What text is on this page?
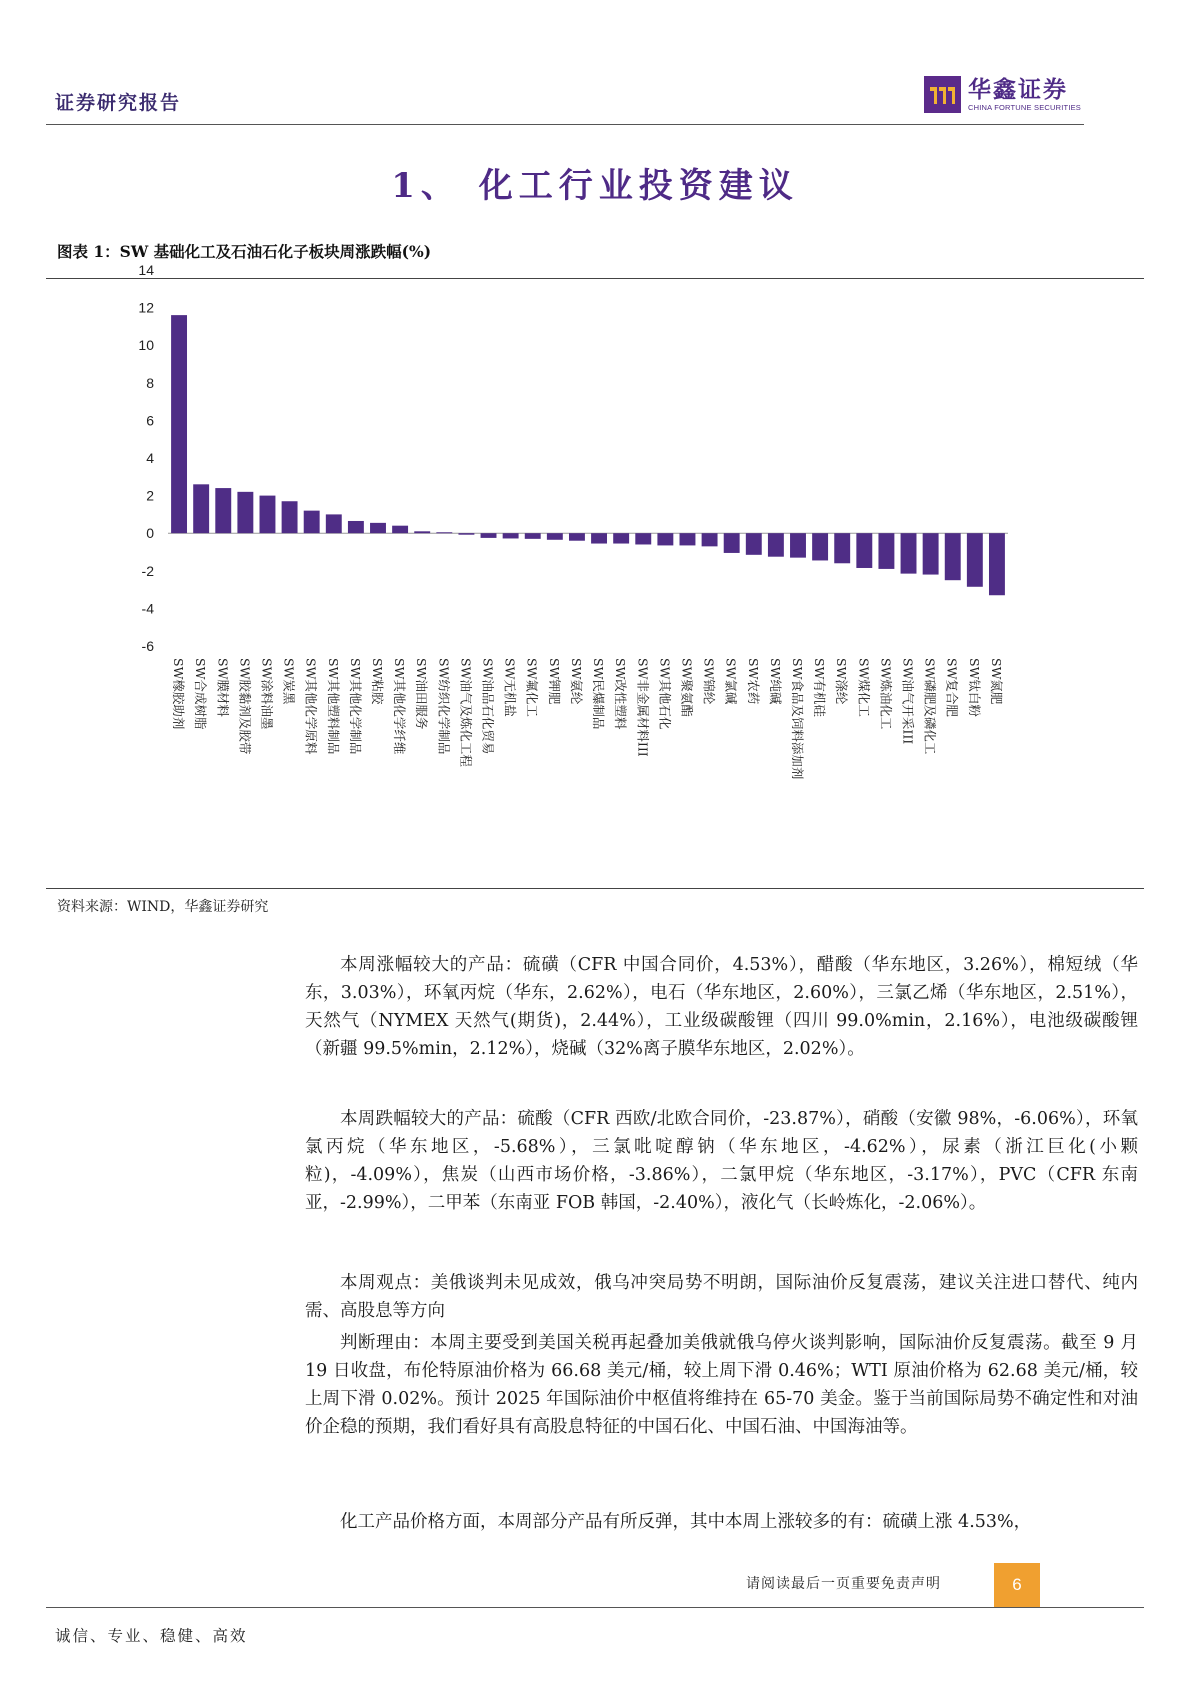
证券研究报告
华鑫证券
CHINA FORTUNE SECURITIES
1、 化工行业投资建议
图表 1：SW 基础化工及石油石化子板块周涨跌幅(%)
14
12
10
8
6
4
2
0
-2
-4
-6
SW橡胶助剂 SW合成树脂 SW膜材料 SW胶黏剂及胶带 SW涂料油墨 SW炭黑 SW其他化学原料 SW其他塑料制品 SW其他化学制品 SW粘胶 SW其他化学纤维 SW油田服务 SW纺织化学制品 SW油气及炼化工程 SW油品石化贸易 SW无机盐 SW氟化工 SW钾肥 SW氨纶 SW民爆制品 SW改性塑料 SW非金属材料III SW其他石化 SW聚氨酯 SW锦纶 SW氯碱 SW农药 SW纯碱 SW食品及饲料添加剂 SW有机硅 SW涤纶 SW煤化工 SW炼油化工 SW油气开采III SW磷肥及磷化工 SW复合肥 SW钛白粉 SW氮肥
资料来源：WIND，华鑫证券研究

本周涨幅较大的产品：硫磺（CFR 中国合同价，4.53%），醋酸（华东地区，3.26%），棉短绒（华东，3.03%），环氧丙烷（华东，2.62%），电石（华东地区，2.60%），三氯乙烯（华东地区，2.51%），天然气（NYMEX 天然气(期货)，2.44%），工业级碳酸锂（四川 99.0%min，2.16%），电池级碳酸锂（新疆 99.5%min，2.12%），烧碱（32%离子膜华东地区，2.02%）。

本周跌幅较大的产品：硫酸（CFR 西欧/北欧合同价，-23.87%），硝酸（安徽 98%，-6.06%），环氧氯丙烷（华东地区，-5.68%），三氯吡啶醇钠（华东地区，-4.62%），尿素（浙江巨化(小颗粒)，-4.09%），焦炭（山西市场价格，-3.86%），二氯甲烷（华东地区，-3.17%），PVC（CFR 东南亚，-2.99%），二甲苯（东南亚 FOB 韩国，-2.40%），液化气（长岭炼化，-2.06%）。

本周观点：美俄谈判未见成效，俄乌冲突局势不明朗，国际油价反复震荡，建议关注进口替代、纯内需、高股息等方向

判断理由：本周主要受到美国关税再起叠加美俄就俄乌停火谈判影响，国际油价反复震荡。截至 9 月 19 日收盘，布伦特原油价格为 66.68 美元/桶，较上周下滑 0.46%；WTI 原油价格为 62.68 美元/桶，较上周下滑 0.02%。预计 2025 年国际油价中枢值将维持在 65-70 美金。鉴于当前国际局势不确定性和对油价企稳的预期，我们看好具有高股息特征的中国石化、中国石油、中国海油等。

化工产品价格方面，本周部分产品有所反弹，其中本周上涨较多的有：硫磺上涨 4.53%，

请阅读最后一页重要免责声明	6
诚信、专业、稳健、高效
